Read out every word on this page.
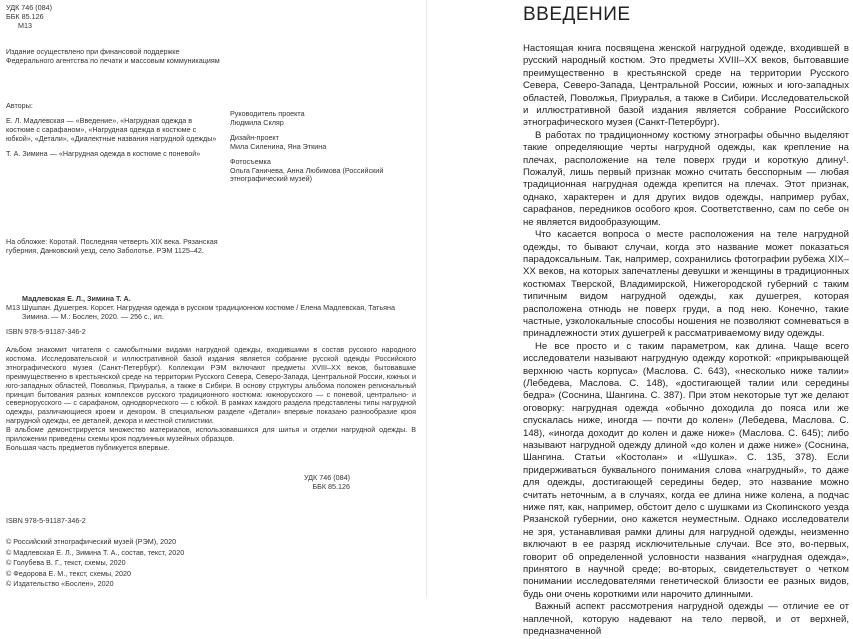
УДК 746 (084)
ББК 85.126
М13
Издание осуществлено при финансовой поддержке Федерального агентства по печати и массовым коммуникациям

Авторы:

Е. Л. Мадлевская — «Введение», «Нагрудная одежда в костюме с сарафаном», «Нагрудная одежда в костюме с юбкой», «Детали», «Диалектные названия нагрудной одежды»

Т. А. Зимина — «Нагрудная одежда в костюме с поневой»

Руководитель проекта
Людмила Скляр
Дизайн-проект
Мила Силенина, Яна Эткина
Фотосъемка
Ольга Ганичева, Анна Любимова (Российский этнографический музей)
На обложке: Коротай. Последняя четверть XIX века. Рязанская губерния, Данковский уезд, село Заболотье. РЭМ 1125–42.
Мадлевская Е. Л., Зимина Т. А.
М13 Шушпан. Душегрея. Корсет. Нагрудная одежда в русском традиционном костюме / Елена Мадлевская, Татьяна Зимина. — М.: Бослен, 2020. — 256 с., ил.
ISBN 978-5-91187-346-2

Альбом знакомит читателя с самобытными видами нагрудной одежды, входившими в состав русского народного костюма. Исследовательской и иллюстративной базой издания является собрание русской одежды Российского этнографического музея (Санкт-Петербург). Коллекции РЭМ включают предметы XVIII–XX веков, бытовавшие преимущественно в крестьянской среде на территории Русского Севера, Северо-Запада, Центральной России, южных и юго-западных областей, Поволжья, Приуралья, а также в Сибири. В основу структуры альбома положен региональный принцип бытования разных комплексов русского традиционного костюма: южнорусского — с поневой, центрально- и севернорусского — с сарафаном, однодворческого — с юбкой. В рамках каждого раздела представлены типы нагрудной одежды, различающиеся кроем и декором. В специальном разделе «Детали» впервые показано разнообразие кроя нагрудной одежды, ее деталей, декора и местной стилистики.

В альбоме демонстрируется множество материалов, использовавшихся для шитья и отделки нагрудной одежды. В приложении приведены схемы кроя подлинных музейных образцов.

Большая часть предметов публикуется впервые.

УДК 746 (084)
ББК 85.126
ISBN 978-5-91187-346-2
© Российский этнографический музей (РЭМ), 2020
© Мадлевская Е. Л., Зимина Т. А., состав, текст, 2020
© Голубева В. Г., текст, схемы, 2020
© Федорова Е. М., текст, схемы, 2020
© Издательство «Бослен», 2020
ВВЕДЕНИЕ

Настоящая книга посвящена женской нагрудной одежде, входившей в русский народный костюм. Это предметы XVIII–XX веков, бытовавшие преимущественно в крестьянской среде на территории Русского Севера, Северо-Запада, Центральной России, южных и юго-западных областей, Поволжья, Приуралья, а также в Сибири. Исследовательской и иллюстративной базой издания является собрание Российского этнографического музея (Санкт-Петербург).

В работах по традиционному костюму этнографы обычно выделяют такие определяющие черты нагрудной одежды, как крепление на плечах, расположение на теле поверх груди и короткую длину¹. Пожалуй, лишь первый признак можно считать бесспорным — любая традиционная нагрудная одежда крепится на плечах. Этот признак, однако, характерен и для других видов одежды, например рубах, сарафанов, передников особого кроя. Соответственно, сам по себе он не является видообразующим.

Что касается вопроса о месте расположения на теле нагрудной одежды, то бывают случаи, когда это название может показаться парадоксальным. Так, например, сохранились фотографии рубежа XIX–XX веков, на которых запечатлены девушки и женщины в традиционных костюмах Тверской, Владимирской, Нижегородской губерний с таким типичным видом нагрудной одежды, как душегрея, которая расположена отнюдь не поверх груди, а под нею. Конечно, такие частные, узколокальные способы ношения не позволяют сомневаться в принадлежности этих душегрей к рассматриваемому виду одежды.

Не все просто и с таким параметром, как длина. Чаще всего исследователи называют нагрудную одежду короткой: «прикрывающей верхнюю часть корпуса» (Маслова. С. 643), «несколько ниже талии» (Лебедева, Маслова. С. 148), «достигающей талии или середины бедра» (Соснина, Шангина. С. 387). При этом некоторые тут же делают оговорку: нагрудная одежда «обычно доходила до пояса или же спускалась ниже, иногда — почти до колен» (Лебедева, Маслова. С. 148), «иногда доходит до колен и даже ниже» (Маслова. С. 645); либо называют нагрудной одежду длиной «до колен и даже ниже» (Соснина, Шангина. Статьи «Костолан» и «Шушка». С. 135, 378). Если придерживаться буквального понимания слова «нагрудный», то даже для одежды, достигающей середины бедер, это название можно считать неточным, а в случаях, когда ее длина ниже колена, а подчас ниже пят, как, например, обстоит дело с шушками из Скопинского уезда Рязанской губернии, оно кажется неуместным. Однако исследователи не зря, устанавливая рамки длины для нагрудной одежды, неизменно включают в ее разряд исключительные случаи. Все это, во-первых, говорит об определенной условности названия «нагрудная одежда», принятого в научной среде; во-вторых, свидетельствует о четком понимании исследователями генетической близости ее разных видов, будь они очень короткими или нарочито длинными.

Важный аспект рассмотрения нагрудной одежды — отличие ее от наплечной, которую надевают на тело первой, и от верхней, предназначенной
